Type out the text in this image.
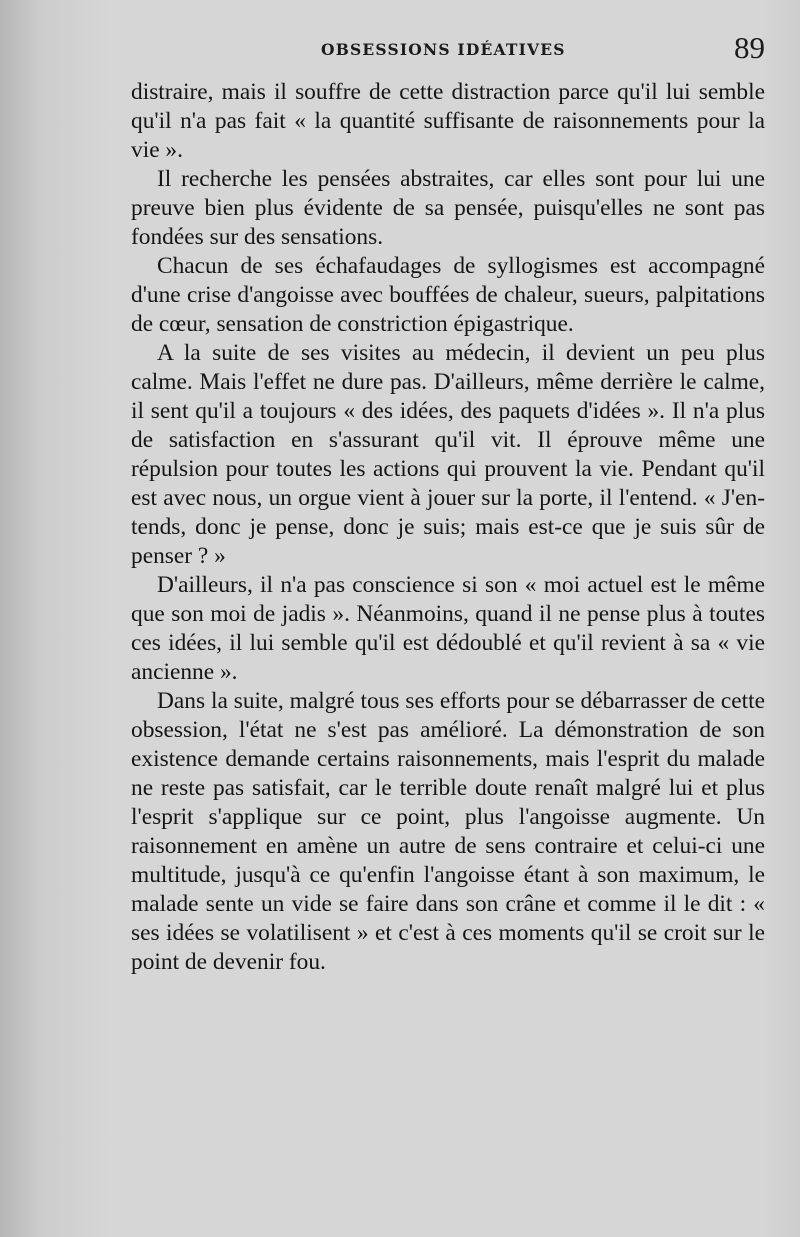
OBSESSIONS IDÉATIVES	89

distraire, mais il souffre de cette distraction parce qu'il lui semble qu'il n'a pas fait « la quantité suffisante de raisonnements pour la vie ».

Il recherche les pensées abstraites, car elles sont pour lui une preuve bien plus évidente de sa pensée, puisqu'elles ne sont pas fondées sur des sensations.

Chacun de ses échafaudages de syllogismes est accompagné d'une crise d'angoisse avec bouffées de chaleur, sueurs, palpitations de cœur, sensation de constriction épigastrique.

A la suite de ses visites au médecin, il devient un peu plus calme. Mais l'effet ne dure pas. D'ailleurs, même derrière le calme, il sent qu'il a toujours « des idées, des paquets d'idées ». Il n'a plus de satisfaction en s'assurant qu'il vit. Il éprouve même une répulsion pour toutes les actions qui prouvent la vie. Pendant qu'il est avec nous, un orgue vient à jouer sur la porte, il l'entend. « J'entends, donc je pense, donc je suis; mais est-ce que je suis sûr de penser ? »

D'ailleurs, il n'a pas conscience si son « moi actuel est le même que son moi de jadis ». Néanmoins, quand il ne pense plus à toutes ces idées, il lui semble qu'il est dédoublé et qu'il revient à sa « vie ancienne ».

Dans la suite, malgré tous ses efforts pour se débarrasser de cette obsession, l'état ne s'est pas amélioré. La démonstration de son existence demande certains raisonnements, mais l'esprit du malade ne reste pas satisfait, car le terrible doute renaît malgré lui et plus l'esprit s'applique sur ce point, plus l'angoisse augmente. Un raisonnement en amène un autre de sens contraire et celui-ci une multitude, jusqu'à ce qu'enfin l'angoisse étant à son maximum, le malade sente un vide se faire dans son crâne et comme il le dit : « ses idées se volatilisent » et c'est à ces moments qu'il se croit sur le point de devenir fou.
